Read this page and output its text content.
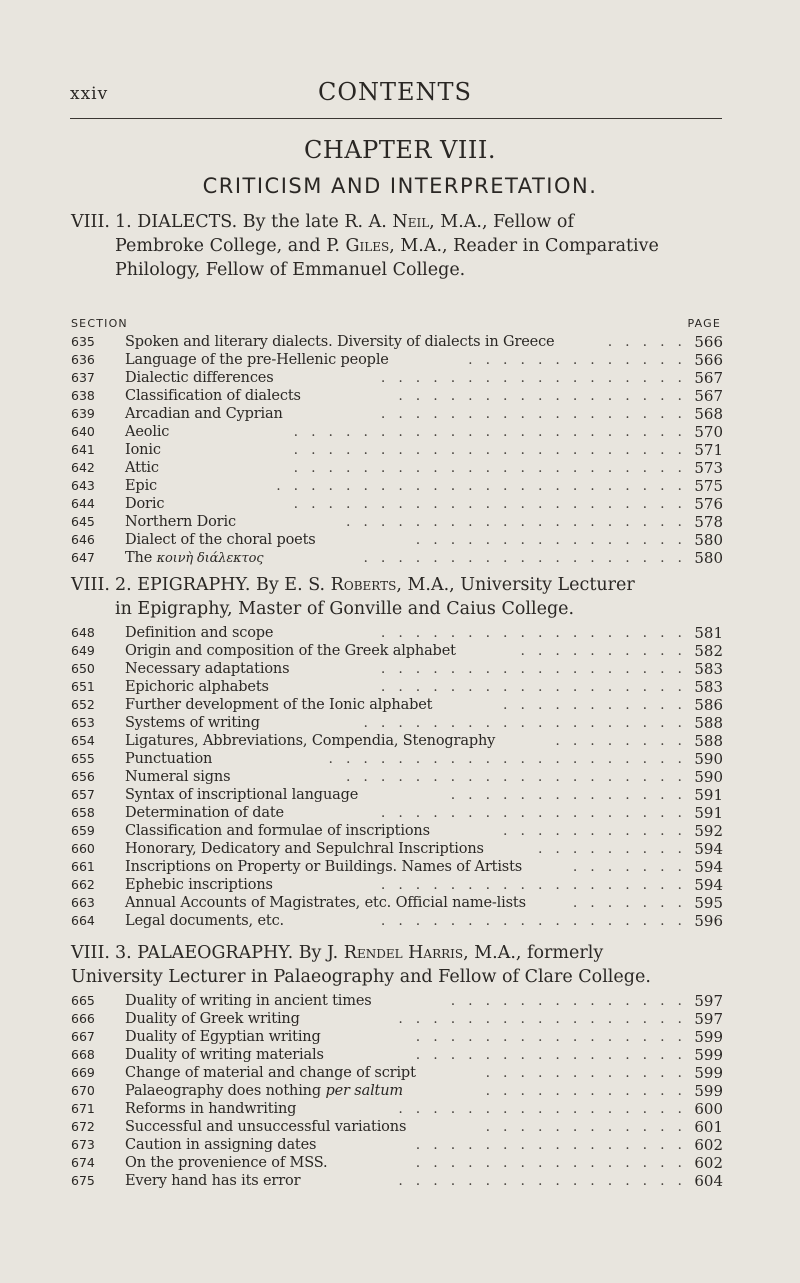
xxiv	CONTENTS
CHAPTER VIII.
CRITICISM AND INTERPRETATION.
VIII. 1. DIALECTS. By the late R. A. Neil, M.A., Fellow of
Pembroke College, and P. Giles, M.A., Reader in Comparative
Philology, Fellow of Emmanuel College.
SECTION	PAGE
635 Spoken and literary dialects. Diversity of dialects in Greece	..... 566
636 Language of the pre-Hellenic people	............. 566
637 Dialectic differences	.................. 567
638 Classification of dialects	................. 567
639 Arcadian and Cyprian	.................. 568
640 Aeolic	....................... 570
641 Ionic	....................... 571
642 Attic	....................... 573
643 Epic	........................ 575
644 Doric	....................... 576
645 Northern Doric	.................... 578
646 Dialect of the choral poets	................ 580
647 The κοινὴ διάλεκτος	................... 580
VIII. 2. EPIGRAPHY. By E. S. Roberts, M.A., University Lecturer
in Epigraphy, Master of Gonville and Caius College.
648 Definition and scope	.................. 581
649 Origin and composition of the Greek alphabet	.......... 582
650 Necessary adaptations	.................. 583
651 Epichoric alphabets	.................. 583
652 Further development of the Ionic alphabet	........... 586
653 Systems of writing	................... 588
654 Ligatures, Abbreviations, Compendia, Stenography	........ 588
655 Punctuation	..................... 590
656 Numeral signs	.................... 590
657 Syntax of inscriptional language	.............. 591
658 Determination of date	.................. 591
659 Classification and formulae of inscriptions	........... 592
660 Honorary, Dedicatory and Sepulchral Inscriptions	......... 594
661 Inscriptions on Property or Buildings. Names of Artists	....... 594
662 Ephebic inscriptions	.................. 594
663 Annual Accounts of Magistrates, etc. Official name-lists	....... 595
664 Legal documents, etc.	.................. 596
VIII. 3. PALAEOGRAPHY. By J. Rendel Harris, M.A., formerly
University Lecturer in Palaeography and Fellow of Clare College.
665 Duality of writing in ancient times	.............. 597
666 Duality of Greek writing	................. 597
667 Duality of Egyptian writing	................ 599
668 Duality of writing materials	................ 599
669 Change of material and change of script	............ 599
670 Palaeography does nothing per saltum	............ 599
671 Reforms in handwriting	................. 600
672 Successful and unsuccessful variations	............ 601
673 Caution in assigning dates	................ 602
674 On the provenience of MSS.	................ 602
675 Every hand has its error	................. 604
